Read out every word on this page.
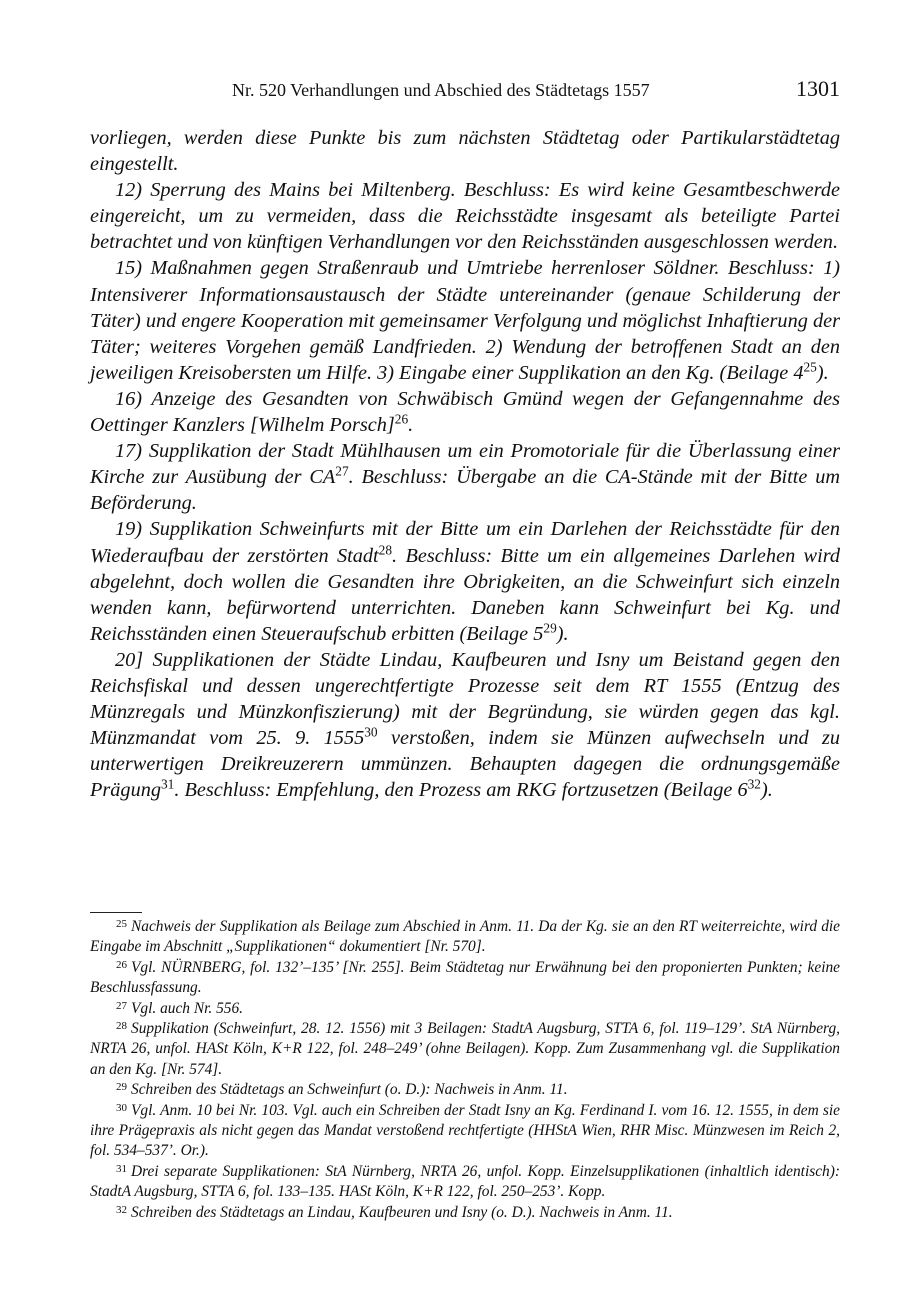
Nr. 520 Verhandlungen und Abschied des Städtetags 1557	1301

vorliegen, werden diese Punkte bis zum nächsten Städtetag oder Partikularstädtetag eingestellt.

12) Sperrung des Mains bei Miltenberg. Beschluss: Es wird keine Gesamtbeschwerde eingereicht, um zu vermeiden, dass die Reichsstädte insgesamt als beteiligte Partei betrachtet und von künftigen Verhandlungen vor den Reichsständen ausgeschlossen werden.

15) Maßnahmen gegen Straßenraub und Umtriebe herrenloser Söldner. Beschluss: 1) Intensiverer Informationsaustausch der Städte untereinander (genaue Schilderung der Täter) und engere Kooperation mit gemeinsamer Verfolgung und möglichst Inhaftierung der Täter; weiteres Vorgehen gemäß Landfrieden. 2) Wendung der betroffenen Stadt an den jeweiligen Kreisobersten um Hilfe. 3) Eingabe einer Supplikation an den Kg. (Beilage $4^{25}$).

16) Anzeige des Gesandten von Schwäbisch Gmünd wegen der Gefangennahme des Oettinger Kanzlers [Wilhelm Porsch]$^{26}$.

17) Supplikation der Stadt Mühlhausen um ein Promotoriale für die Überlassung einer Kirche zur Ausübung der CA$^{27}$. Beschluss: Übergabe an die CA-Stände mit der Bitte um Beförderung.

19) Supplikation Schweinfurts mit der Bitte um ein Darlehen der Reichsstädte für den Wiederaufbau der zerstörten Stadt$^{28}$. Beschluss: Bitte um ein allgemeines Darlehen wird abgelehnt, doch wollen die Gesandten ihre Obrigkeiten, an die Schweinfurt sich einzeln wenden kann, befürwortend unterrichten. Daneben kann Schweinfurt bei Kg. und Reichsständen einen Steueraufschub erbitten (Beilage $5^{29}$).

20] Supplikationen der Städte Lindau, Kaufbeuren und Isny um Beistand gegen den Reichsfiskal und dessen ungerechtfertigte Prozesse seit dem RT 1555 (Entzug des Münzregals und Münzkonfiszierung) mit der Begründung, sie würden gegen das kgl. Münzmandat vom 25. 9. 1555$^{30}$ verstoßen, indem sie Münzen aufwechseln und zu unterwertigen Dreikreuzerern ummünzen. Behaupten dagegen die ordnungsgemäße Prägung$^{31}$. Beschluss: Empfehlung, den Prozess am RKG fortzusetzen (Beilage $6^{32}$).

$^{25}$ Nachweis der Supplikation als Beilage zum Abschied in Anm. 11. Da der Kg. sie an den RT weiterreichte, wird die Eingabe im Abschnitt „Supplikationen“ dokumentiert [Nr. 570].

$^{26}$ Vgl. NÜRNBERG, fol. 132’–135’ [Nr. 255]. Beim Städtetag nur Erwähnung bei den proponierten Punkten; keine Beschlussfassung.

$^{27}$ Vgl. auch Nr. 556.

$^{28}$ Supplikation (Schweinfurt, 28. 12. 1556) mit 3 Beilagen: StadtA Augsburg, STTA 6, fol. 119–129’. StA Nürnberg, NRTA 26, unfol. HASt Köln, K+R 122, fol. 248–249’ (ohne Beilagen). Kopp. Zum Zusammenhang vgl. die Supplikation an den Kg. [Nr. 574].

$^{29}$ Schreiben des Städtetags an Schweinfurt (o. D.): Nachweis in Anm. 11.

$^{30}$ Vgl. Anm. 10 bei Nr. 103. Vgl. auch ein Schreiben der Stadt Isny an Kg. Ferdinand I. vom 16. 12. 1555, in dem sie ihre Prägepraxis als nicht gegen das Mandat verstoßend rechtfertigte (HHStA Wien, RHR Misc. Münzwesen im Reich 2, fol. 534–537’. Or.).

$^{31}$ Drei separate Supplikationen: StA Nürnberg, NRTA 26, unfol. Kopp. Einzelsupplikationen (inhaltlich identisch): StadtA Augsburg, STTA 6, fol. 133–135. HASt Köln, K+R 122, fol. 250–253’. Kopp.

$^{32}$ Schreiben des Städtetags an Lindau, Kaufbeuren und Isny (o. D.). Nachweis in Anm. 11.
